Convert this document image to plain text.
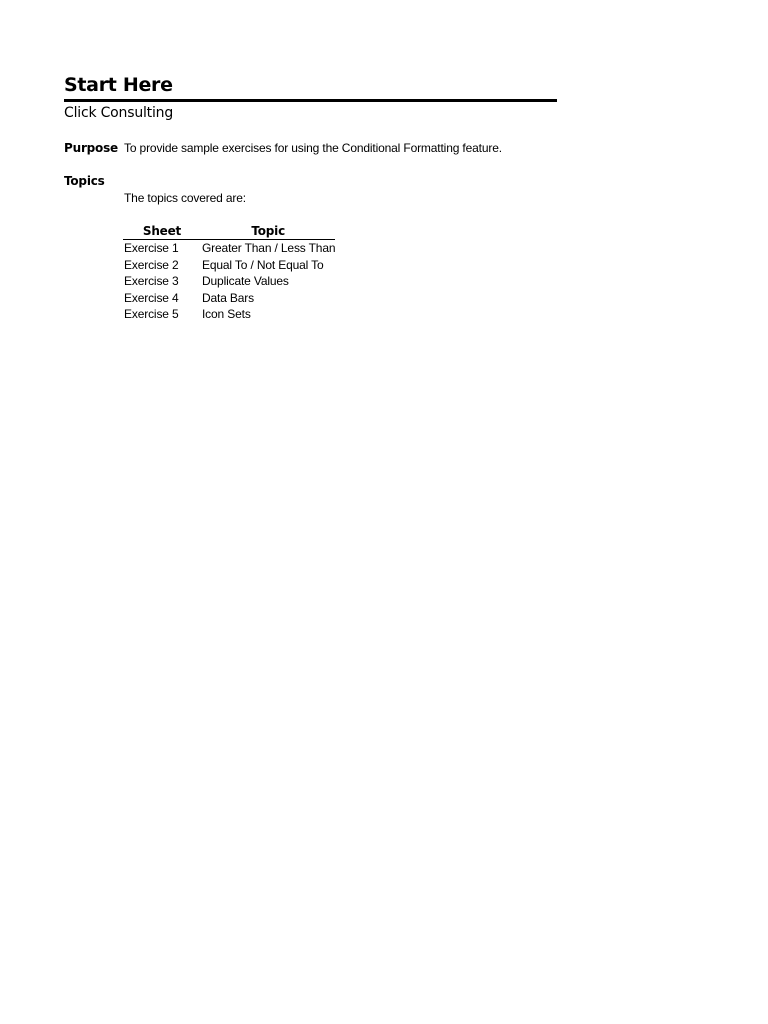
Start Here
Click Consulting
Purpose To provide sample exercises for using the Conditional Formatting feature.
Topics
The topics covered are:
Sheet	Topic
Exercise 1	Greater Than / Less Than
Exercise 2	Equal To / Not Equal To
Exercise 3	Duplicate Values
Exercise 4	Data Bars
Exercise 5	Icon Sets
